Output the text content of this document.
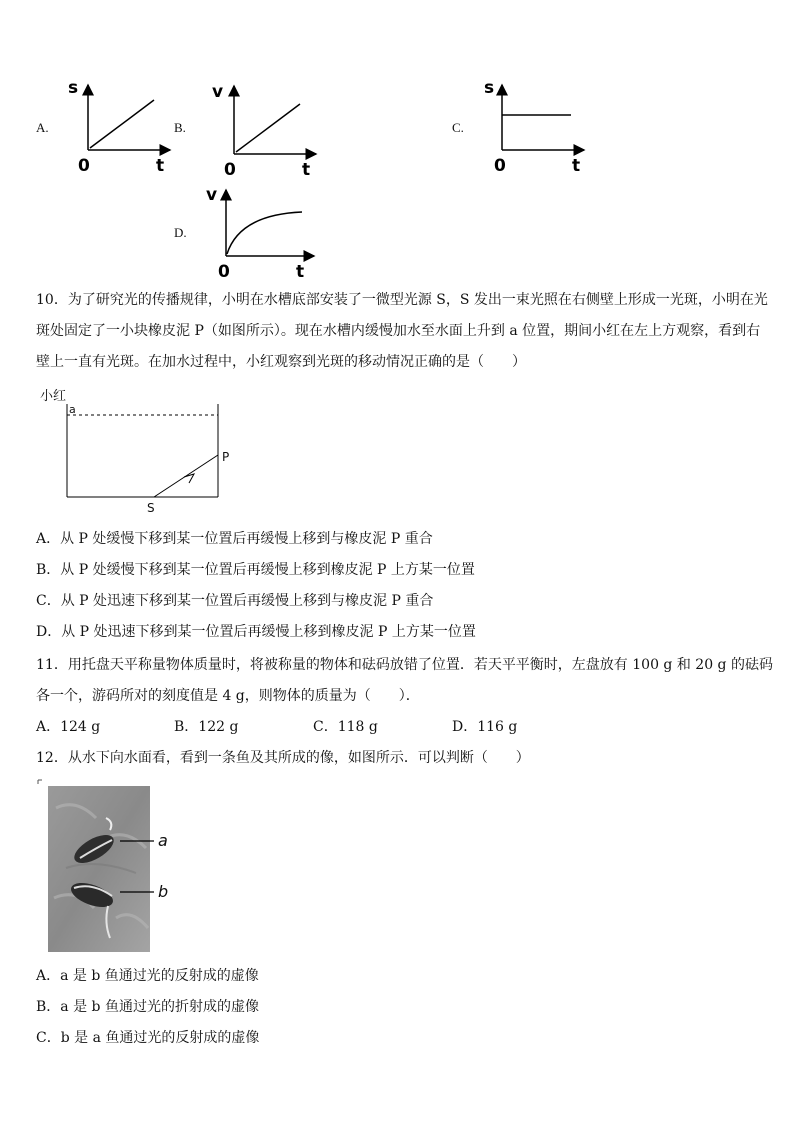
A.
s
0	t
B.
v
0	t
C.
s
0	t
D.
v
0	t
10．为了研究光的传播规律，小明在水槽底部安装了一微型光源 S，S 发出一束光照在右侧壁上形成一光斑，小明在光
斑处固定了一小块橡皮泥 P（如图所示）。现在水槽内缓慢加水至水面上升到 a 位置，期间小红在左上方观察，看到右
壁上一直有光斑。在加水过程中，小红观察到光斑的移动情况正确的是（　　）
小红
a
S
P
A．从 P 处缓慢下移到某一位置后再缓慢上移到与橡皮泥 P 重合
B．从 P 处缓慢下移到某一位置后再缓慢上移到橡皮泥 P 上方某一位置
C．从 P 处迅速下移到某一位置后再缓慢上移到与橡皮泥 P 重合
D．从 P 处迅速下移到某一位置后再缓慢上移到橡皮泥 P 上方某一位置
11．用托盘天平称量物体质量时，将被称量的物体和砝码放错了位置．若天平平衡时，左盘放有 100 g 和 20 g 的砝码
各一个，游码所对的刻度值是 4 g，则物体的质量为（　　）．
A．124 g	B．122 g	C．118 g	D．116 g
12．从水下向水面看，看到一条鱼及其所成的像，如图所示．可以判断（　　）
a
b
A．a 是 b 鱼通过光的反射成的虚像
B．a 是 b 鱼通过光的折射成的虚像
C．b 是 a 鱼通过光的反射成的虚像
